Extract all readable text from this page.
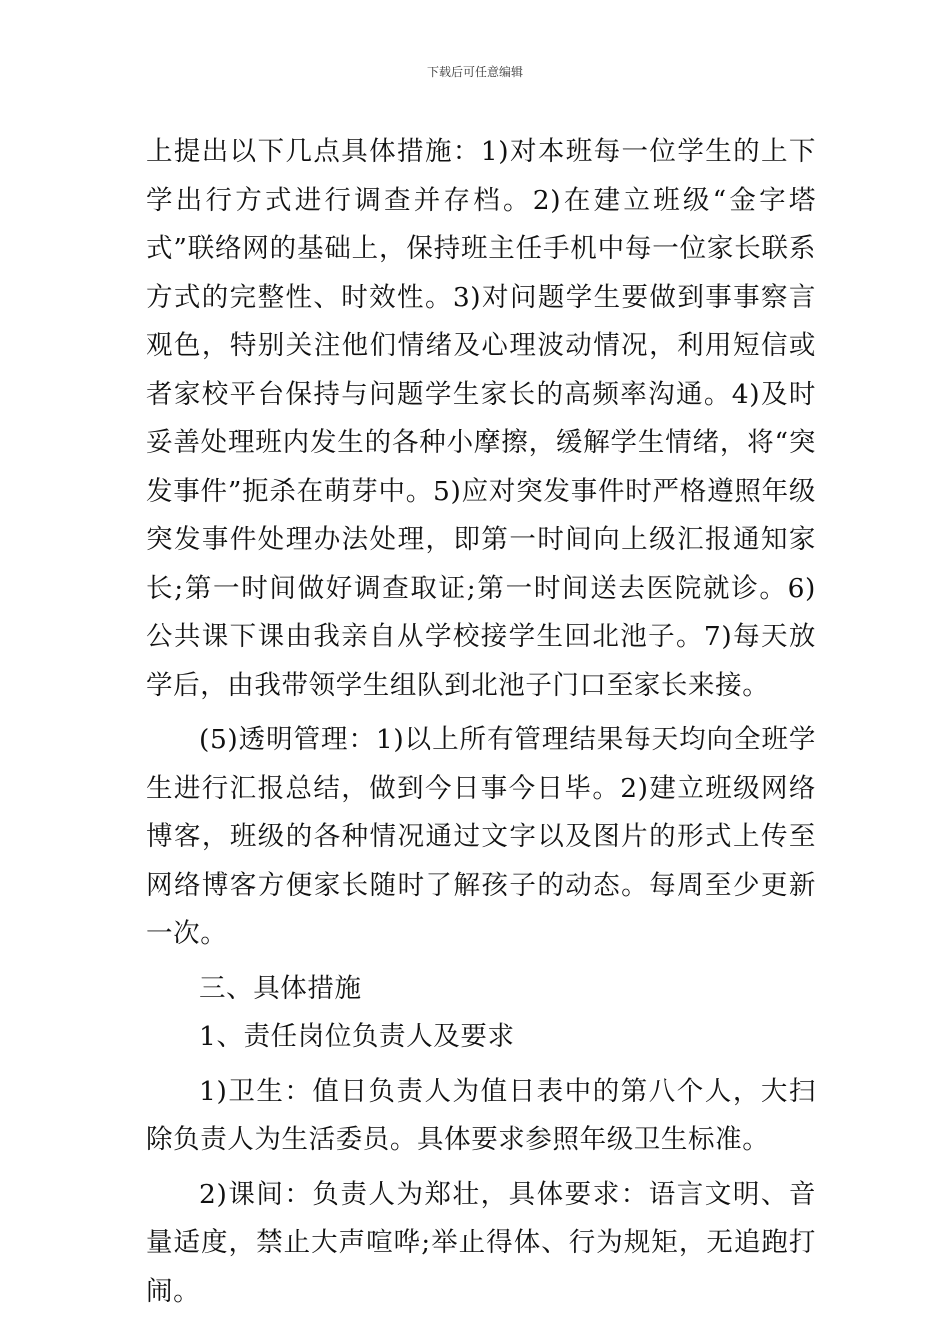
下载后可任意编辑

上提出以下几点具体措施：1)对本班每一位学生的上下学出行方式进行调查并存档。2)在建立班级“金字塔式”联络网的基础上，保持班主任手机中每一位家长联系方式的完整性、时效性。3)对问题学生要做到事事察言观色，特别关注他们情绪及心理波动情况，利用短信或者家校平台保持与问题学生家长的高频率沟通。4)及时妥善处理班内发生的各种小摩擦，缓解学生情绪，将“突发事件”扼杀在萌芽中。5)应对突发事件时严格遵照年级突发事件处理办法处理，即第一时间向上级汇报通知家长;第一时间做好调查取证;第一时间送去医院就诊。6)公共课下课由我亲自从学校接学生回北池子。7)每天放学后，由我带领学生组队到北池子门口至家长来接。

(5)透明管理：1)以上所有管理结果每天均向全班学生进行汇报总结，做到今日事今日毕。2)建立班级网络博客，班级的各种情况通过文字以及图片的形式上传至网络博客方便家长随时了解孩子的动态。每周至少更新一次。

三、具体措施

1、责任岗位负责人及要求

1)卫生：值日负责人为值日表中的第八个人，大扫除负责人为生活委员。具体要求参照年级卫生标准。

2)课间：负责人为郑壮，具体要求：语言文明、音量适度，禁止大声喧哗;举止得体、行为规矩，无追跑打闹。
